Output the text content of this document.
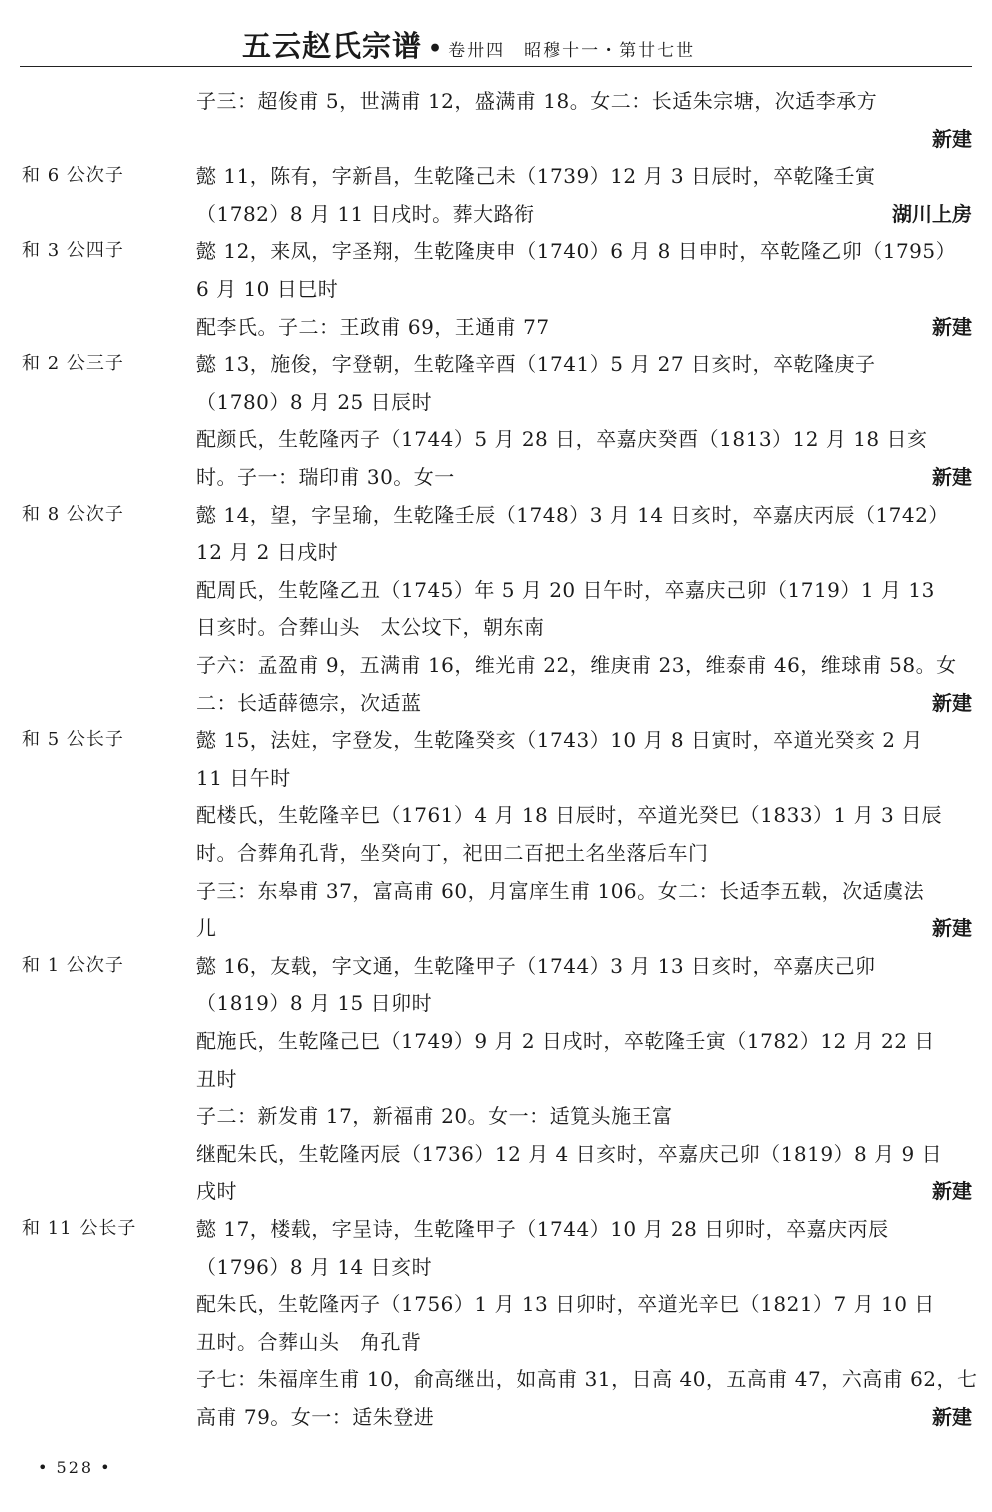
五云赵氏宗谱 • 卷卅四　昭穆十一・第廿七世
子三：超俊甫 5，世满甫 12，盛满甫 18。女二：长适朱宗塘，次适李承方
新建
和 6 公次子	懿 11，陈有，字新昌，生乾隆己未（1739）12 月 3 日辰时，卒乾隆壬寅
（1782）8 月 11 日戌时。葬大路衔	湖川上房
和 3 公四子	懿 12，来凤，字圣翔，生乾隆庚申（1740）6 月 8 日申时，卒乾隆乙卯（1795）
6 月 10 日巳时
配李氏。子二：王政甫 69，王通甫 77	新建
和 2 公三子	懿 13，施俊，字登朝，生乾隆辛酉（1741）5 月 27 日亥时，卒乾隆庚子
（1780）8 月 25 日辰时
配颜氏，生乾隆丙子（1744）5 月 28 日，卒嘉庆癸酉（1813）12 月 18 日亥
时。子一：瑞印甫 30。女一	新建
和 8 公次子	懿 14，望，字呈瑜，生乾隆壬辰（1748）3 月 14 日亥时，卒嘉庆丙辰（1742）
12 月 2 日戌时
配周氏，生乾隆乙丑（1745）年 5 月 20 日午时，卒嘉庆己卯（1719）1 月 13
日亥时。合葬山头　太公坟下，朝东南
子六：孟盈甫 9，五满甫 16，维光甫 22，维庚甫 23，维泰甫 46，维球甫 58。女
二：长适薛德宗，次适蓝	新建
和 5 公长子	懿 15，法妵，字登发，生乾隆癸亥（1743）10 月 8 日寅时，卒道光癸亥 2 月
11 日午时
配楼氏，生乾隆辛巳（1761）4 月 18 日辰时，卒道光癸巳（1833）1 月 3 日辰
时。合葬角孔背，坐癸向丁，祀田二百把土名坐落后车门
子三：东皋甫 37，富高甫 60，月富庠生甫 106。女二：长适李五载，次适虞法
儿	新建
和 1 公次子	懿 16，友载，字文通，生乾隆甲子（1744）3 月 13 日亥时，卒嘉庆己卯
（1819）8 月 15 日卯时
配施氏，生乾隆己巳（1749）9 月 2 日戌时，卒乾隆壬寅（1782）12 月 22 日
丑时
子二：新发甫 17，新福甫 20。女一：适筧头施王富
继配朱氏，生乾隆丙辰（1736）12 月 4 日亥时，卒嘉庆己卯（1819）8 月 9 日
戌时	新建
和 11 公长子	懿 17，楼载，字呈诗，生乾隆甲子（1744）10 月 28 日卯时，卒嘉庆丙辰
（1796）8 月 14 日亥时
配朱氏，生乾隆丙子（1756）1 月 13 日卯时，卒道光辛巳（1821）7 月 10 日
丑时。合葬山头　角孔背
子七：朱福庠生甫 10，俞高继出，如高甫 31，日高 40，五高甫 47，六高甫 62，七
高甫 79。女一：适朱登进	新建
• 528 •
